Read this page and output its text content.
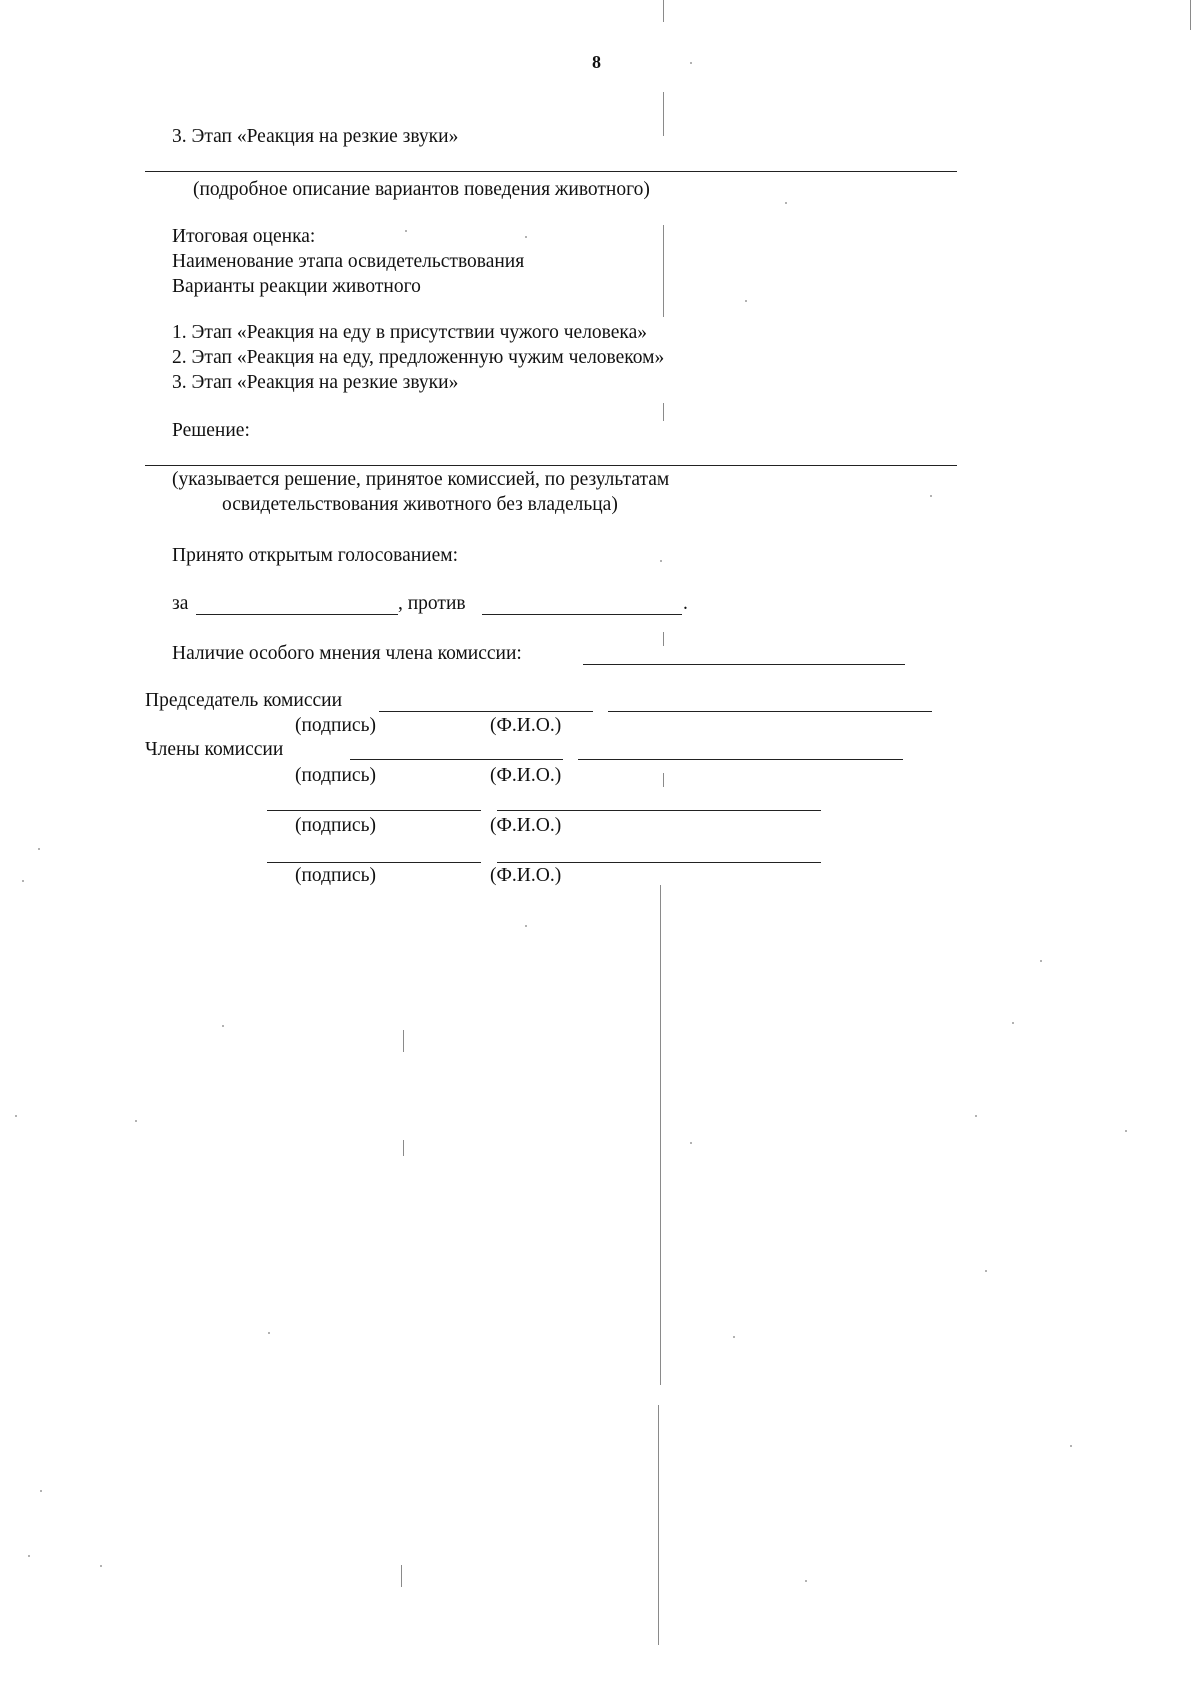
8
3. Этап «Реакция на резкие звуки»
(подробное описание вариантов поведения животного)
Итоговая оценка:
Наименование этапа освидетельствования
Варианты реакции животного
1. Этап «Реакция на еду в присутствии чужого человека»
2. Этап «Реакция на еду, предложенную чужим человеком»
3. Этап «Реакция на резкие звуки»
Решение:
(указывается решение, принятое комиссией, по результатам
освидетельствования животного без владельца)
Принято открытым голосованием:
за	, против	.
Наличие особого мнения члена комиссии:
Председатель комиссии
(подпись)	(Ф.И.О.)
Члены комиссии
(подпись)	(Ф.И.О.)
(подпись)	(Ф.И.О.)
(подпись)	(Ф.И.О.)
